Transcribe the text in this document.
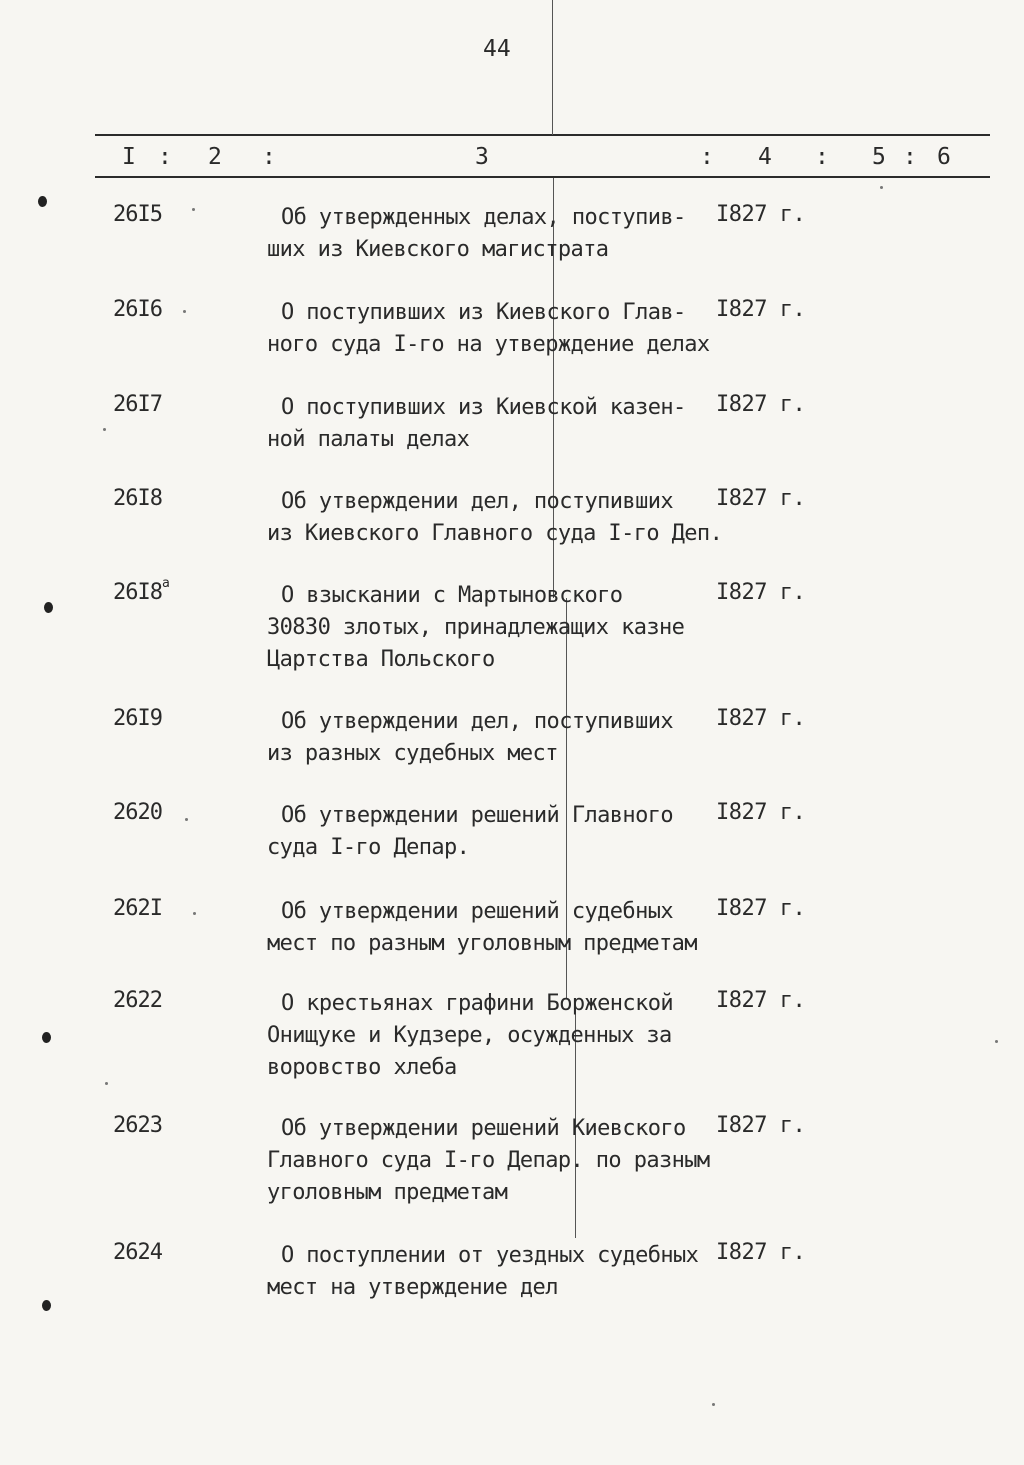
44
I : 2 :	3	: 4 : 5 : 6
26I5	Об утвержденных делах, поступив-
ших из Киевского магистрата
I827 г.
26I6	О поступивших из Киевского Глав-
ного суда I-го на утверждение делах
I827 г.
26I7	О поступивших из Киевской казен-
ной палаты делах
I827 г.
26I8	Об утверждении дел, поступивших
из Киевского Главного суда I-го Деп.
I827 г.
$26I8^а$	О взыскании с Мартыновского
30830 злотых, принадлежащих казне
Цартства Польского
I827 г.
26I9	Об утверждении дел, поступивших
из разных судебных мест
I827 г.
2620	Об утверждении решений Главного
суда I-го Депар.
I827 г.
262I	Об утверждении решений судебных
мест по разным уголовным предметам
I827 г.
2622	О крестьянах графини Борженской
Онищуке и Кудзере, осужденных за
воровство хлеба
I827 г.
2623	Об утверждении решений Киевского
Главного суда I-го Депар. по разным
уголовным предметам
I827 г.
2624	О поступлении от уездных судебных
мест на утверждение дел
I827 г.
